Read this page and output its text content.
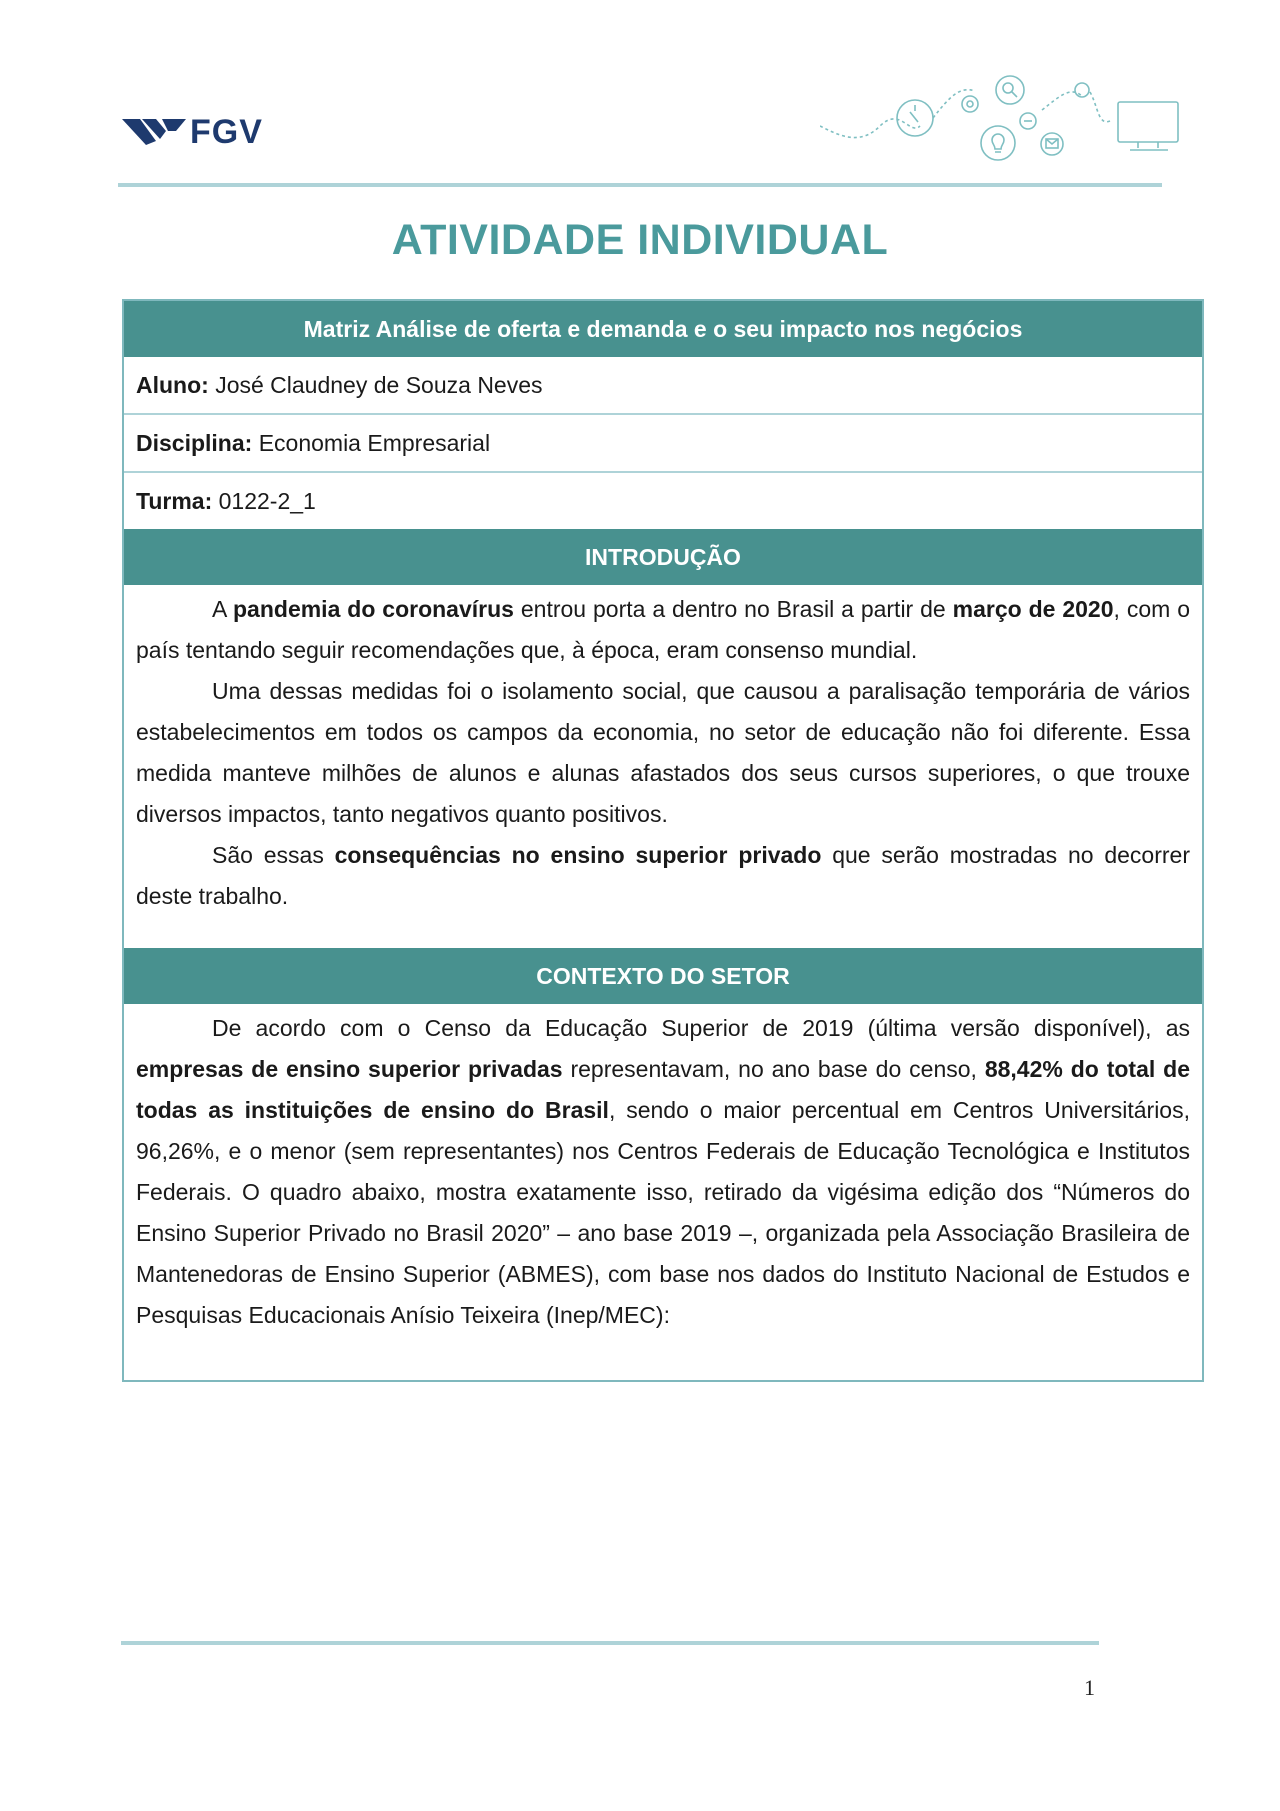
FGV
ATIVIDADE INDIVIDUAL
Matriz Análise de oferta e demanda e o seu impacto nos negócios
Aluno: José Claudney de Souza Neves
Disciplina: Economia Empresarial
Turma: 0122-2_1
INTRODUÇÃO

A pandemia do coronavírus entrou porta a dentro no Brasil a partir de março de 2020, com o país tentando seguir recomendações que, à época, eram consenso mundial.

Uma dessas medidas foi o isolamento social, que causou a paralisação temporária de vários estabelecimentos em todos os campos da economia, no setor de educação não foi diferente. Essa medida manteve milhões de alunos e alunas afastados dos seus cursos superiores, o que trouxe diversos impactos, tanto negativos quanto positivos.

São essas consequências no ensino superior privado que serão mostradas no decorrer deste trabalho.

CONTEXTO DO SETOR

De acordo com o Censo da Educação Superior de 2019 (última versão disponível), as empresas de ensino superior privadas representavam, no ano base do censo, 88,42% do total de todas as instituições de ensino do Brasil, sendo o maior percentual em Centros Universitários, 96,26%, e o menor (sem representantes) nos Centros Federais de Educação Tecnológica e Institutos Federais. O quadro abaixo, mostra exatamente isso, retirado da vigésima edição dos “Números do Ensino Superior Privado no Brasil 2020” – ano base 2019 –, organizada pela Associação Brasileira de Mantenedoras de Ensino Superior (ABMES), com base nos dados do Instituto Nacional de Estudos e Pesquisas Educacionais Anísio Teixeira (Inep/MEC):

1
